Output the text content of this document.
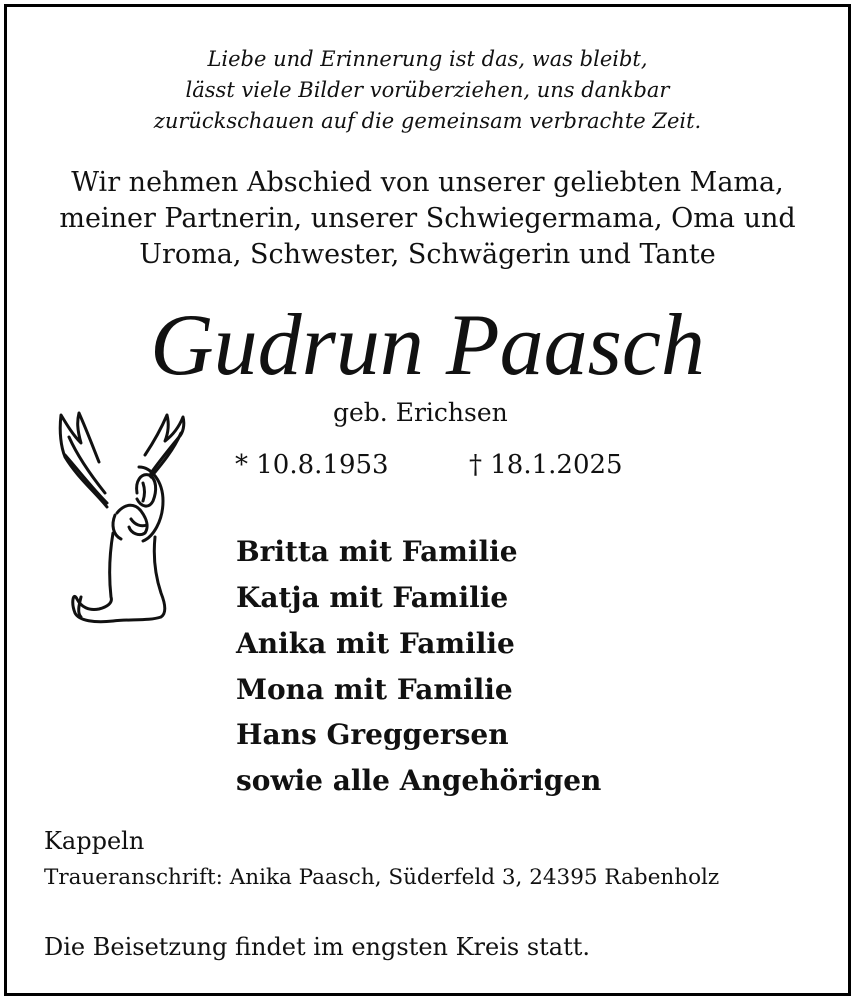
Liebe und Erinnerung ist das, was bleibt,
lässt viele Bilder vorüberziehen, uns dankbar
zurückschauen auf die gemeinsam verbrachte Zeit.
Wir nehmen Abschied von unserer geliebten Mama,
meiner Partnerin, unserer Schwiegermama, Oma und
Uroma, Schwester, Schwägerin und Tante
Gudrun Paasch
geb. Erichsen
* 10.8.1953	† 18.1.2025
Britta mit Familie
Katja mit Familie
Anika mit Familie
Mona mit Familie
Hans Greggersen
sowie alle Angehörigen
Kappeln
Traueranschrift: Anika Paasch, Süderfeld 3, 24395 Rabenholz
Die Beisetzung findet im engsten Kreis statt.
